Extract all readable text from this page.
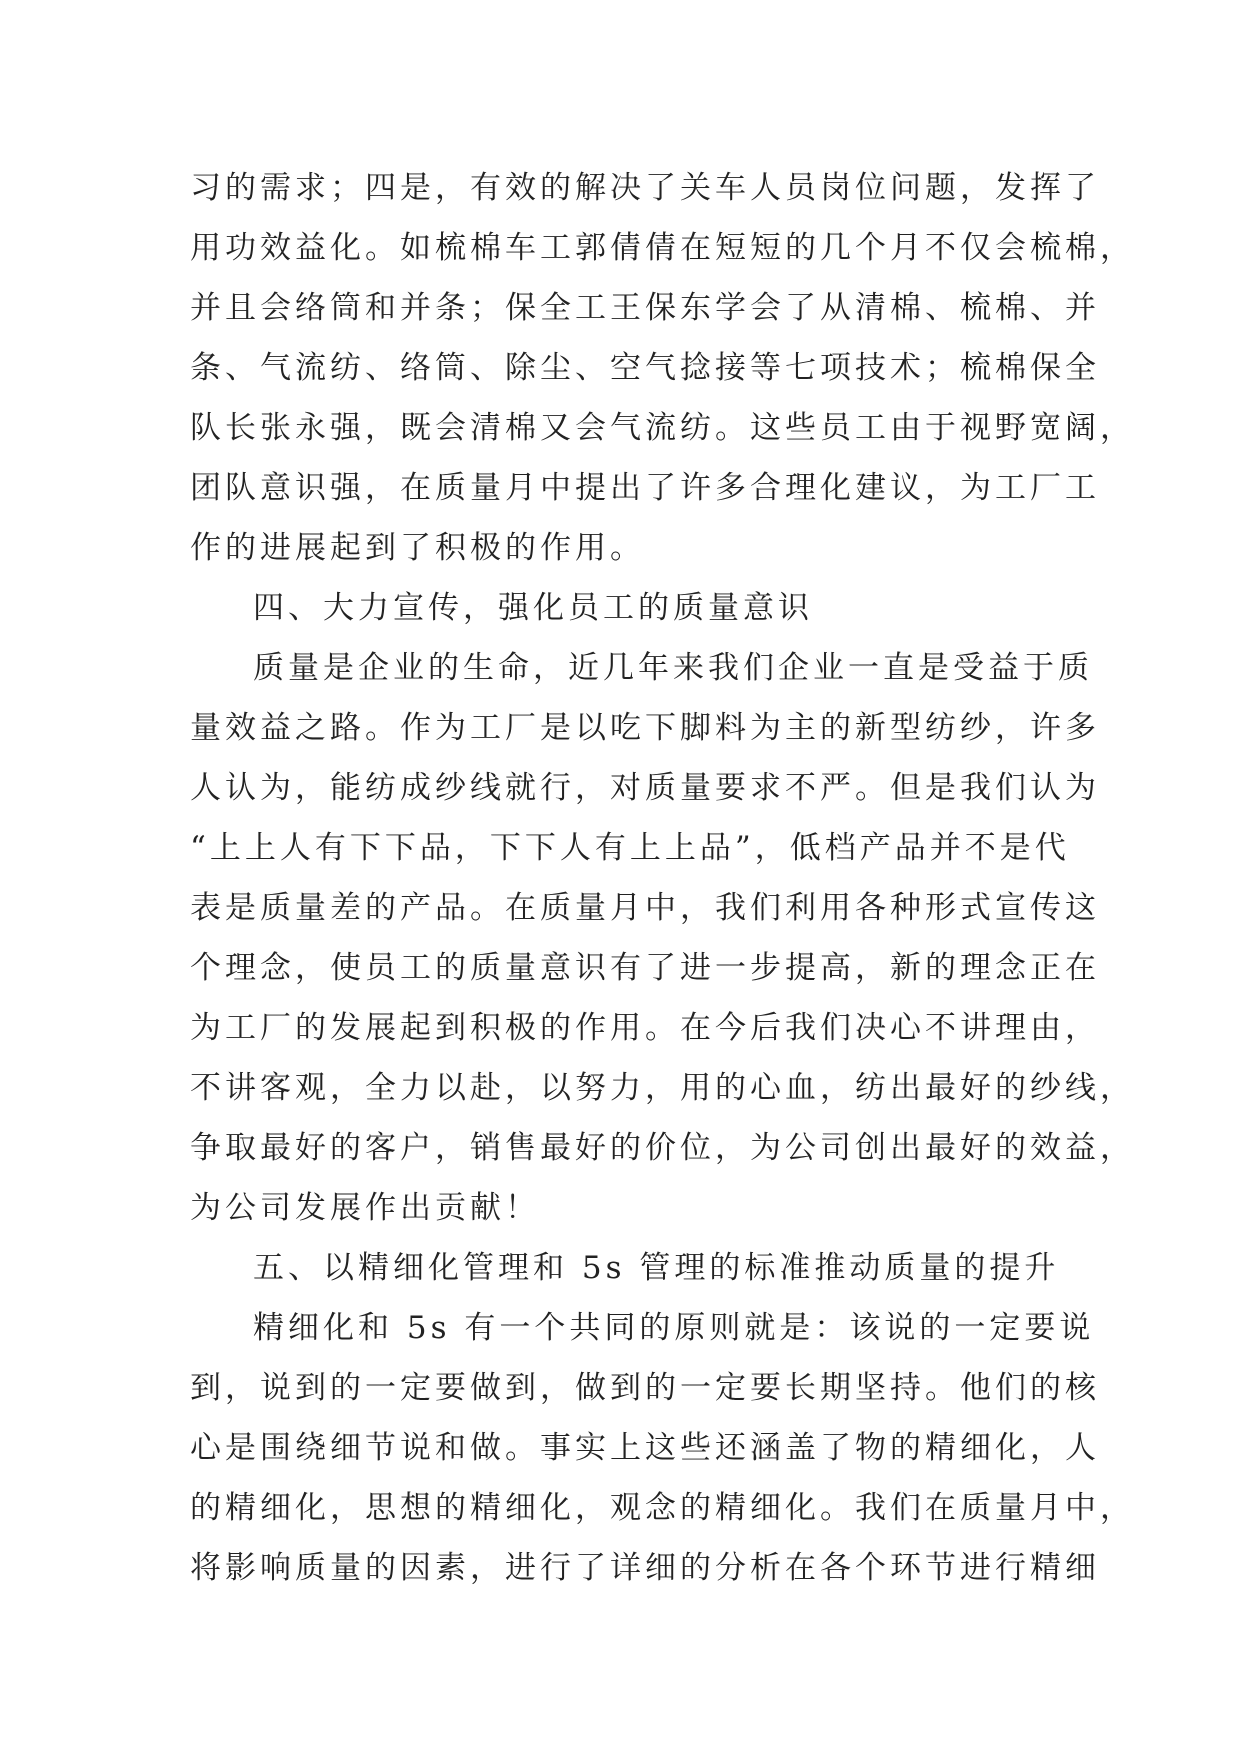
习的需求；四是，有效的解决了关车人员岗位问题，发挥了

用功效益化。如梳棉车工郭倩倩在短短的几个月不仅会梳棉，

并且会络筒和并条；保全工王保东学会了从清棉、梳棉、并

条、气流纺、络筒、除尘、空气捻接等七项技术；梳棉保全

队长张永强，既会清棉又会气流纺。这些员工由于视野宽阔，

团队意识强，在质量月中提出了许多合理化建议，为工厂工

作的进展起到了积极的作用。

四、大力宣传，强化员工的质量意识

质量是企业的生命，近几年来我们企业一直是受益于质

量效益之路。作为工厂是以吃下脚料为主的新型纺纱，许多

人认为，能纺成纱线就行，对质量要求不严。但是我们认为

“上上人有下下品，下下人有上上品”，低档产品并不是代

表是质量差的产品。在质量月中，我们利用各种形式宣传这

个理念，使员工的质量意识有了进一步提高，新的理念正在

为工厂的发展起到积极的作用。在今后我们决心不讲理由，

不讲客观，全力以赴，以努力，用的心血，纺出最好的纱线，

争取最好的客户，销售最好的价位，为公司创出最好的效益，

为公司发展作出贡献！

五、以精细化管理和 5s 管理的标准推动质量的提升

精细化和 5s 有一个共同的原则就是：该说的一定要说

到，说到的一定要做到，做到的一定要长期坚持。他们的核

心是围绕细节说和做。事实上这些还涵盖了物的精细化，人

的精细化，思想的精细化，观念的精细化。我们在质量月中，

将影响质量的因素，进行了详细的分析在各个环节进行精细
